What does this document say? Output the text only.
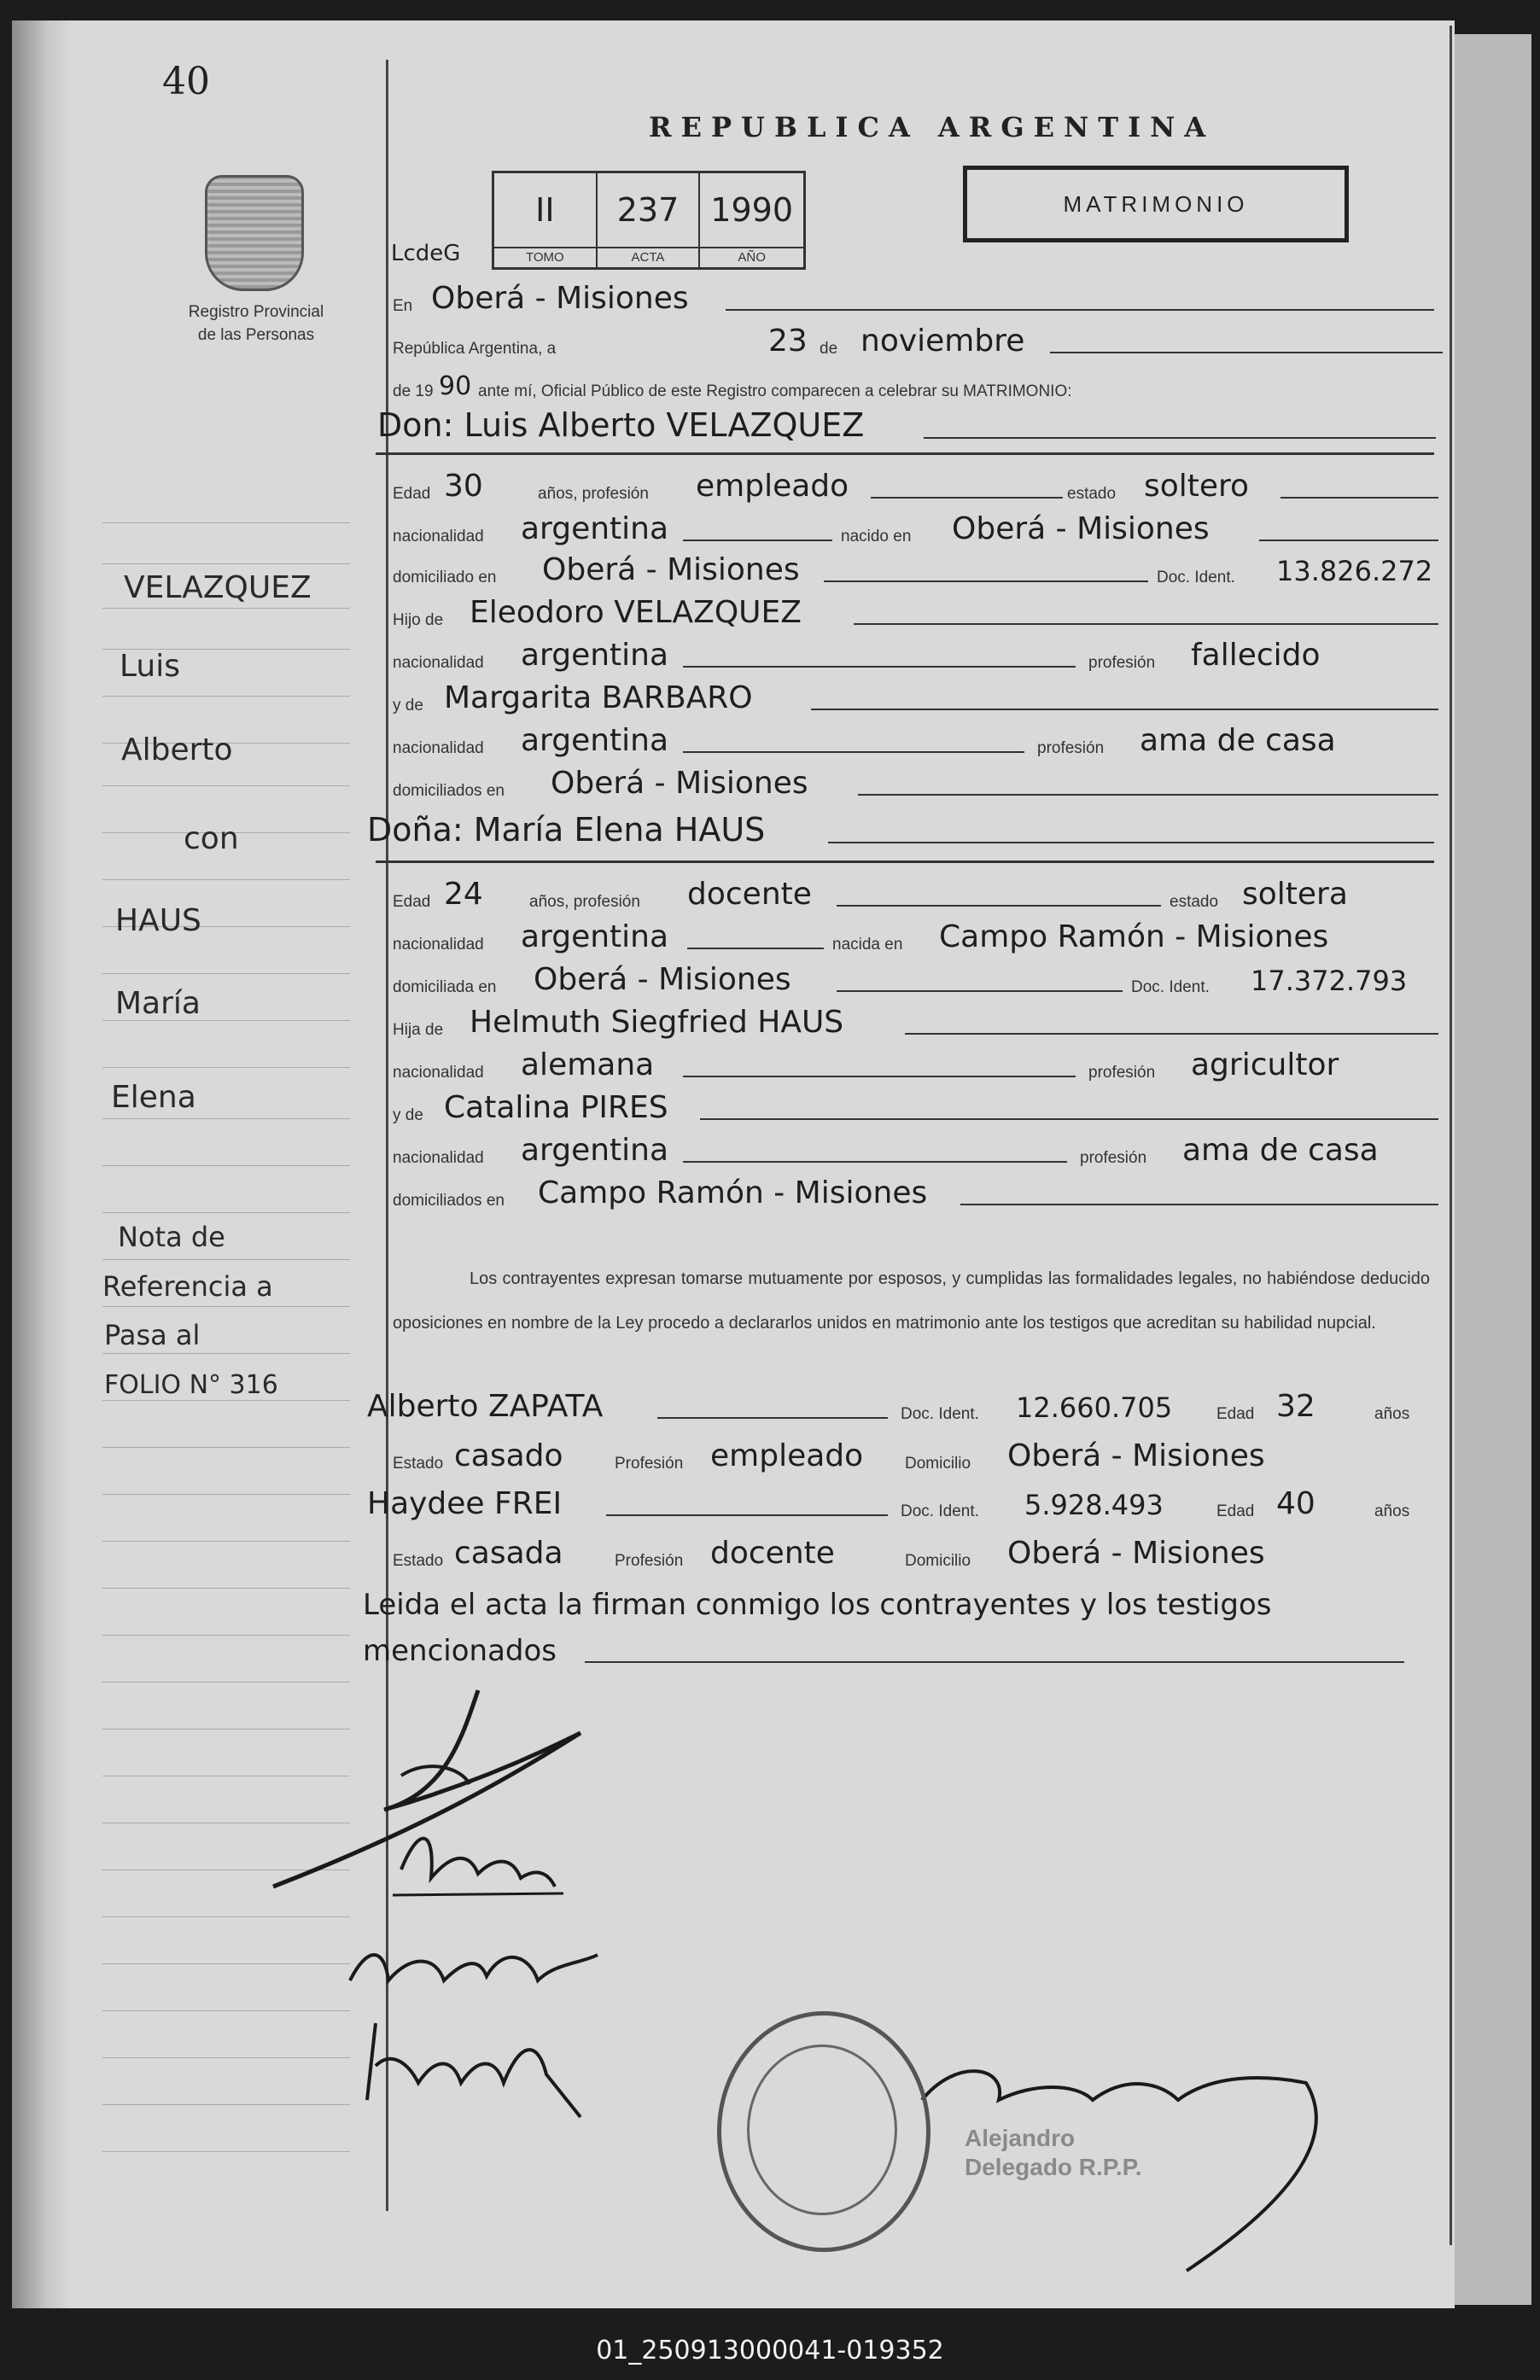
40
Registro Provincial
de las Personas
VELAZQUEZ
Luis
Alberto
con
HAUS
María
Elena
Nota de
Referencia a
Pasa al
FOLIO N° 316
REPUBLICA ARGENTINA
II	237 1990
TOMO	ACTA	AÑO
MATRIMONIO
LcdeG
En Oberá - Misiones
República Argentina, a	23 de noviembre
de 19 90 ante mí, Oficial Público de este Registro comparecen a celebrar su MATRIMONIO:
Don: Luis Alberto VELAZQUEZ
Edad 30	años, profesión empleado	estado soltero
nacionalidad argentina	nacido en Oberá - Misiones
domiciliado en Oberá - Misiones	Doc. Ident. 13.826.272
Hijo de Eleodoro VELAZQUEZ
nacionalidad argentina	profesión fallecido
y de Margarita BARBARO
nacionalidad argentina	profesión ama de casa
domiciliados en Oberá - Misiones
Doña: María Elena HAUS
Edad 24	años, profesión docente	estado soltera
nacionalidad argentina	nacida en Campo Ramón - Misiones
domiciliada en Oberá - Misiones	Doc. Ident. 17.372.793
Hija de Helmuth Siegfried HAUS
nacionalidad alemana	profesión agricultor
y de Catalina PIRES
nacionalidad argentina	profesión ama de casa
domiciliados en Campo Ramón - Misiones
Los contrayentes expresan tomarse mutuamente por esposos, y cumplidas las formalidades legales, no habiéndose deducido oposiciones en nombre de la Ley procedo a declararlos unidos en matrimonio ante los testigos que acreditan su habilidad nupcial.
Alberto ZAPATA	Doc. Ident. 12.660.705	Edad 32	años
Estado casado	Profesión empleado	Domicilio Oberá - Misiones
Haydee FREI	Doc. Ident. 5.928.493	Edad 40	años
Estado casada	Profesión docente	Domicilio Oberá - Misiones
Leida el acta la firman conmigo los contrayentes y los testigos
mencionados
Alejandro
Delegado R.P.P.
01_250913000041-019352
